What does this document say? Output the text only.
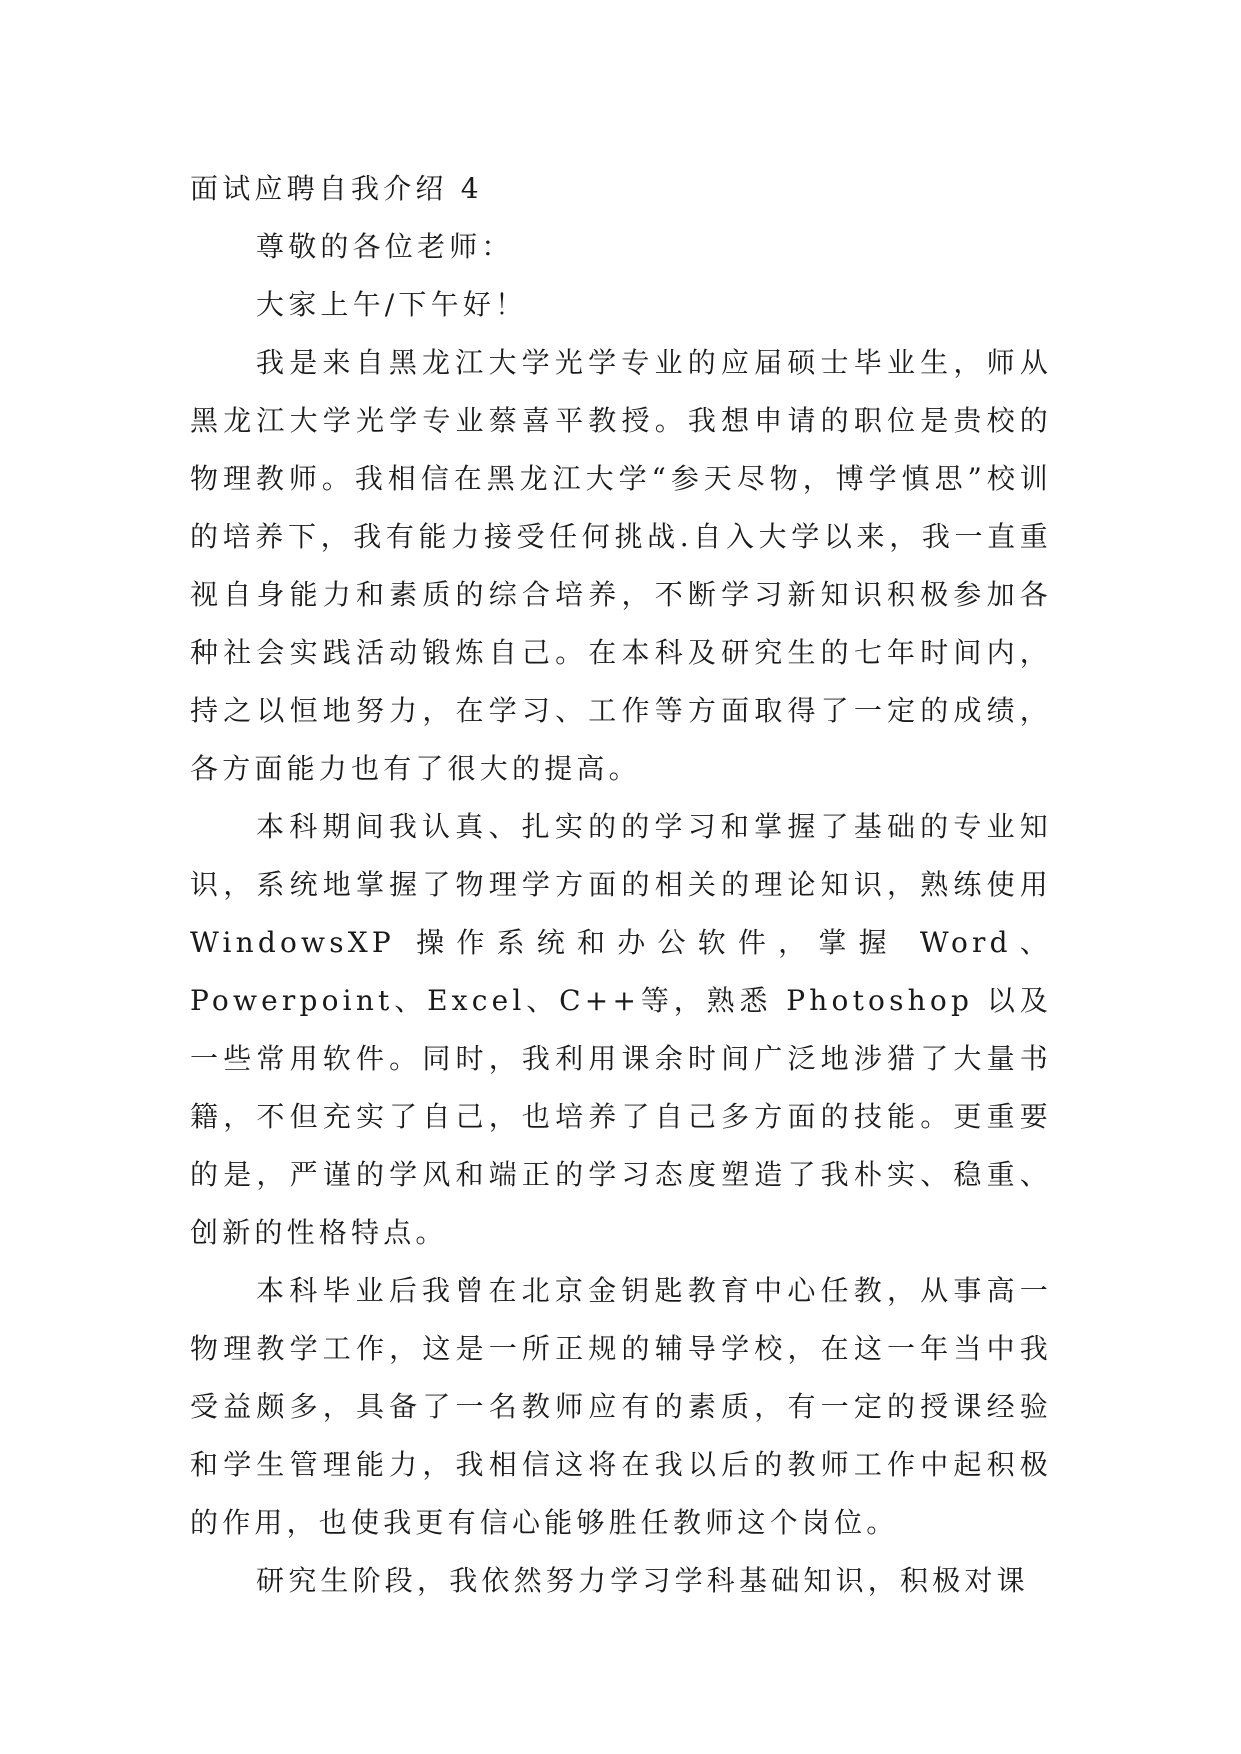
面试应聘自我介绍 4

尊敬的各位老师：

大家上午/下午好！

我是来自黑龙江大学光学专业的应届硕士毕业生，师从黑龙江大学光学专业蔡喜平教授。我想申请的职位是贵校的物理教师。我相信在黑龙江大学“参天尽物，博学慎思”校训的培养下，我有能力接受任何挑战.自入大学以来，我一直重视自身能力和素质的综合培养，不断学习新知识积极参加各种社会实践活动锻炼自己。在本科及研究生的七年时间内，持之以恒地努力，在学习、工作等方面取得了一定的成绩，各方面能力也有了很大的提高。

本科期间我认真、扎实的的学习和掌握了基础的专业知识，系统地掌握了物理学方面的相关的理论知识，熟练使用 WindowsXP 操作系统和办公软件，掌握 Word、Powerpoint、Excel、C++等，熟悉 Photoshop 以及一些常用软件。同时，我利用课余时间广泛地涉猎了大量书籍，不但充实了自己，也培养了自己多方面的技能。更重要的是，严谨的学风和端正的学习态度塑造了我朴实、稳重、创新的性格特点。

本科毕业后我曾在北京金钥匙教育中心任教，从事高一物理教学工作，这是一所正规的辅导学校，在这一年当中我受益颇多，具备了一名教师应有的素质，有一定的授课经验和学生管理能力，我相信这将在我以后的教师工作中起积极的作用，也使我更有信心能够胜任教师这个岗位。

研究生阶段，我依然努力学习学科基础知识，积极对课
